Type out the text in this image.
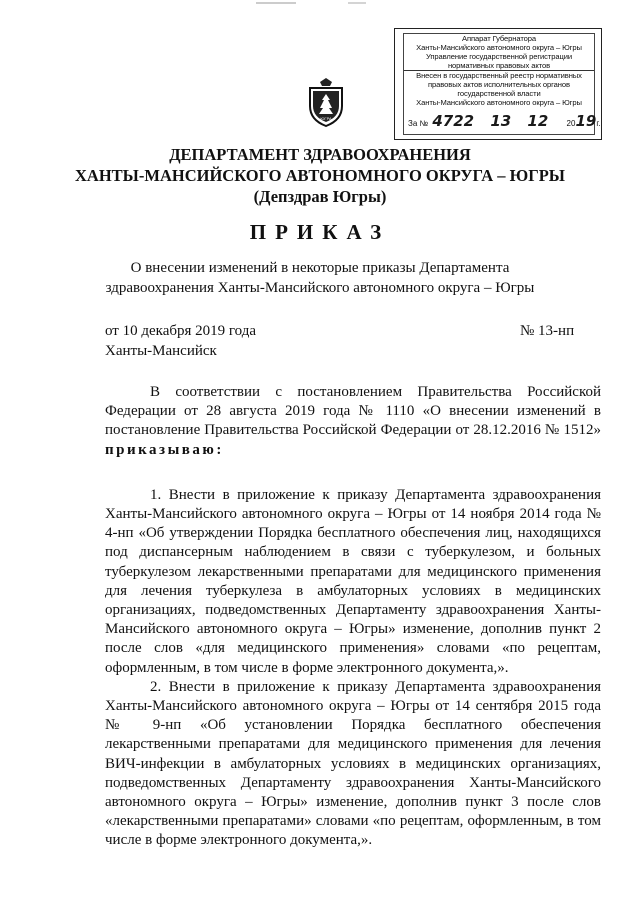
Аппарат Губернатора
Ханты-Мансийского автономного округа – Югры
Управление государственной регистрации
нормативных правовых актов
Внесен в государственный реестр нормативных
правовых актов исполнительных органов
государственной власти
Ханты-Мансийского автономного округа – Югры
За № 4722 13 12 2019г.
ЮГРА
ДЕПАРТАМЕНТ ЗДРАВООХРАНЕНИЯ
ХАНТЫ-МАНСИЙСКОГО АВТОНОМНОГО ОКРУГА – ЮГРЫ
(Депздрав Югры)
ПРИКАЗ
О внесении изменений в некоторые приказы Департамента
здравоохранения Ханты-Мансийского автономного округа – Югры
от 10 декабря 2019 года	№ 13-нп
Ханты-Мансийск

В соответствии с постановлением Правительства Российской Федерации от 28 августа 2019 года № 1110 «О внесении изменений в постановление Правительства Российской Федерации от 28.12.2016 № 1512» приказываю:

1. Внести в приложение к приказу Департамента здравоохранения Ханты-Мансийского автономного округа – Югры от 14 ноября 2014 года № 4-нп «Об утверждении Порядка бесплатного обеспечения лиц, находящихся под диспансерным наблюдением в связи с туберкулезом, и больных туберкулезом лекарственными препаратами для медицинского применения для лечения туберкулеза в амбулаторных условиях в медицинских организациях, подведомственных Департаменту здравоохранения Ханты-Мансийского автономного округа – Югры» изменение, дополнив пункт 2 после слов «для медицинского применения» словами «по рецептам, оформленным, в том числе в форме электронного документа,».

2. Внести в приложение к приказу Департамента здравоохранения Ханты-Мансийского автономного округа – Югры от 14 сентября 2015 года № 9-нп «Об установлении Порядка бесплатного обеспечения лекарственными препаратами для медицинского применения для лечения ВИЧ-инфекции в амбулаторных условиях в медицинских организациях, подведомственных Департаменту здравоохранения Ханты-Мансийского автономного округа – Югры» изменение, дополнив пункт 3 после слов «лекарственными препаратами» словами «по рецептам, оформленным, в том числе в форме электронного документа,».
